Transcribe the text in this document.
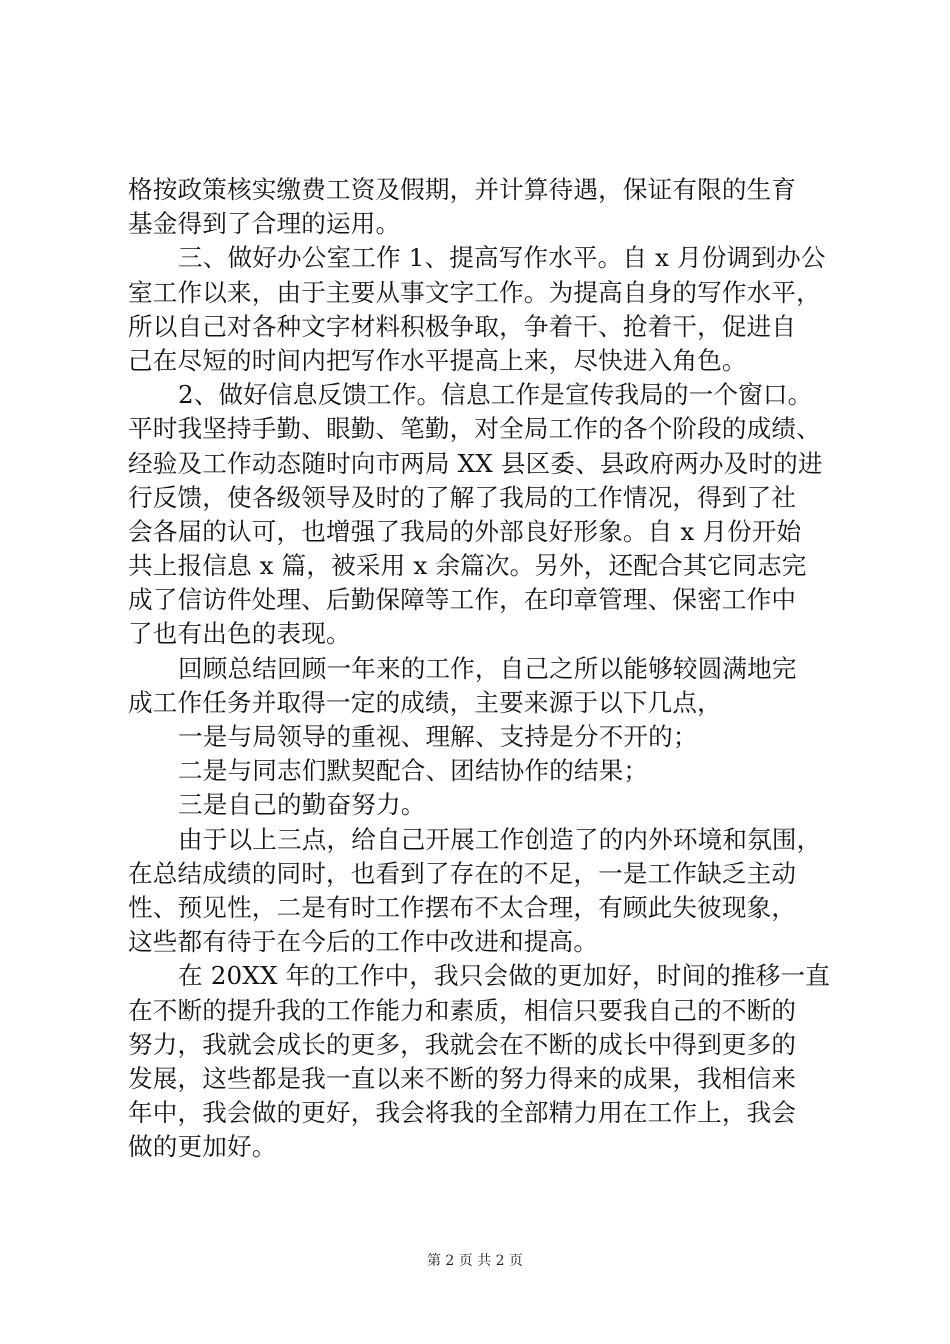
格按政策核实缴费工资及假期，并计算待遇，保证有限的生育
基金得到了合理的运用。
三、做好办公室工作 1、提高写作水平。自 x 月份调到办公
室工作以来，由于主要从事文字工作。为提高自身的写作水平，
所以自己对各种文字材料积极争取，争着干、抢着干，促进自
己在尽短的时间内把写作水平提高上来，尽快进入角色。
2、做好信息反馈工作。信息工作是宣传我局的一个窗口。
平时我坚持手勤、眼勤、笔勤，对全局工作的各个阶段的成绩、
经验及工作动态随时向市两局 XX 县区委、县政府两办及时的进
行反馈，使各级领导及时的了解了我局的工作情况，得到了社
会各届的认可，也增强了我局的外部良好形象。自 x 月份开始
共上报信息 x 篇，被采用 x 余篇次。另外，还配合其它同志完
成了信访件处理、后勤保障等工作，在印章管理、保密工作中
了也有出色的表现。
回顾总结回顾一年来的工作，自己之所以能够较圆满地完
成工作任务并取得一定的成绩，主要来源于以下几点，
一是与局领导的重视、理解、支持是分不开的；
二是与同志们默契配合、团结协作的结果；
三是自己的勤奋努力。
由于以上三点，给自己开展工作创造了的内外环境和氛围，
在总结成绩的同时，也看到了存在的不足，一是工作缺乏主动
性、预见性，二是有时工作摆布不太合理，有顾此失彼现象，
这些都有待于在今后的工作中改进和提高。
在 20XX 年的工作中，我只会做的更加好，时间的推移一直
在不断的提升我的工作能力和素质，相信只要我自己的不断的
努力，我就会成长的更多，我就会在不断的成长中得到更多的
发展，这些都是我一直以来不断的努力得来的成果，我相信来
年中，我会做的更好，我会将我的全部精力用在工作上，我会
做的更加好。
第 2 页 共 2 页
